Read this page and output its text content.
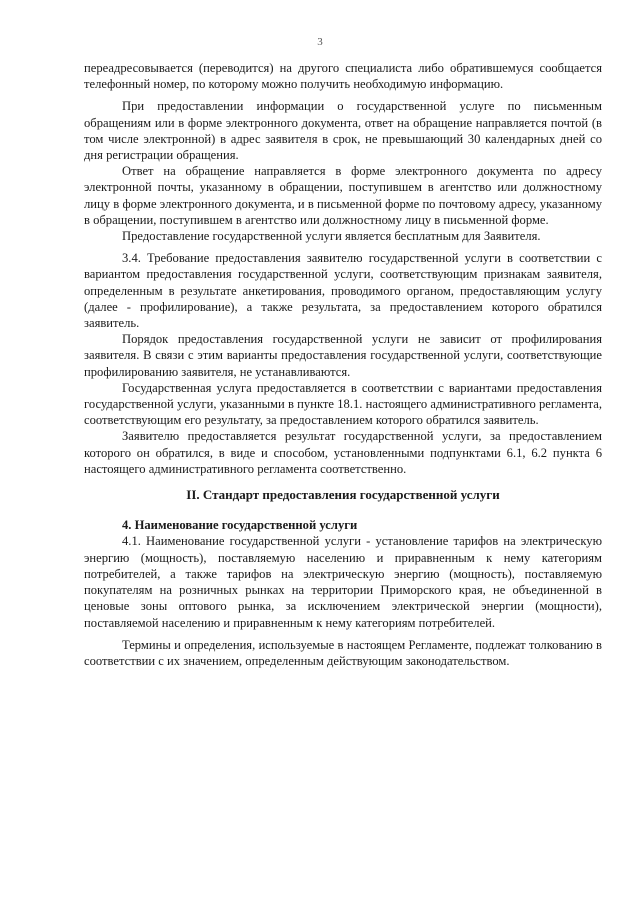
3

переадресовывается (переводится) на другого специалиста либо обратившемуся сообщается телефонный номер, по которому можно получить необходимую информацию.

При предоставлении информации о государственной услуге по письменным обращениям или в форме электронного документа, ответ на обращение направляется почтой (в том числе электронной) в адрес заявителя в срок, не превышающий 30 календарных дней со дня регистрации обращения.

Ответ на обращение направляется в форме электронного документа по адресу электронной почты, указанному в обращении, поступившем в агентство или должностному лицу в форме электронного документа, и в письменной форме по почтовому адресу, указанному в обращении, поступившем в агентство или должностному лицу в письменной форме.

Предоставление государственной услуги является бесплатным для Заявителя.

3.4. Требование предоставления заявителю государственной услуги в соответствии с вариантом предоставления государственной услуги, соответствующим признакам заявителя, определенным в результате анкетирования, проводимого органом, предоставляющим услугу (далее - профилирование), а также результата, за предоставлением которого обратился заявитель.

Порядок предоставления государственной услуги не зависит от профилирования заявителя. В связи с этим варианты предоставления государственной услуги, соответствующие профилированию заявителя, не устанавливаются.

Государственная услуга предоставляется в соответствии с вариантами предоставления государственной услуги, указанными в пункте 18.1. настоящего административного регламента, соответствующим его результату, за предоставлением которого обратился заявитель.

Заявителю предоставляется результат государственной услуги, за предоставлением которого он обратился, в виде и способом, установленными подпунктами 6.1, 6.2 пункта 6 настоящего административного регламента соответственно.

II. Стандарт предоставления государственной услуги

4. Наименование государственной услуги

4.1. Наименование государственной услуги - установление тарифов на электрическую энергию (мощность), поставляемую населению и приравненным к нему категориям потребителей, а также тарифов на электрическую энергию (мощность), поставляемую покупателям на розничных рынках на территории Приморского края, не объединенной в ценовые зоны оптового рынка, за исключением электрической энергии (мощности), поставляемой населению и приравненным к нему категориям потребителей.

Термины и определения, используемые в настоящем Регламенте, подлежат толкованию в соответствии с их значением, определенным действующим законодательством.
